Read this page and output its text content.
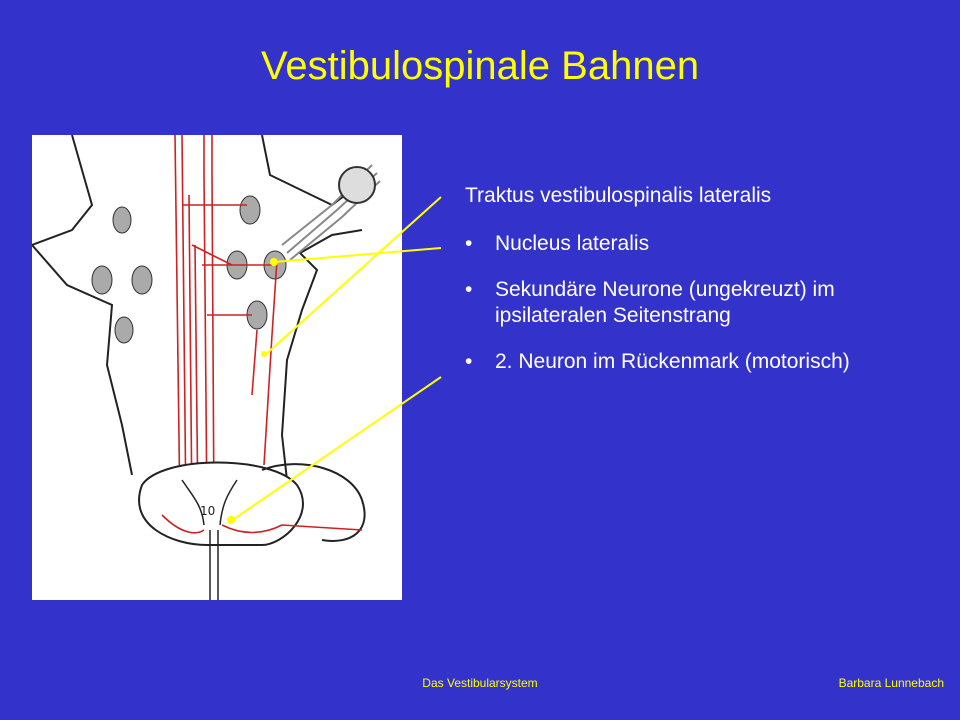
Vestibulospinale Bahnen
10
Traktus vestibulospinalis lateralis
• Nucleus lateralis
• Sekundäre Neurone (ungekreuzt) im ipsilateralen Seitenstrang
• 2. Neuron im Rückenmark (motorisch)
Das Vestibularsystem	Barbara Lunnebach
